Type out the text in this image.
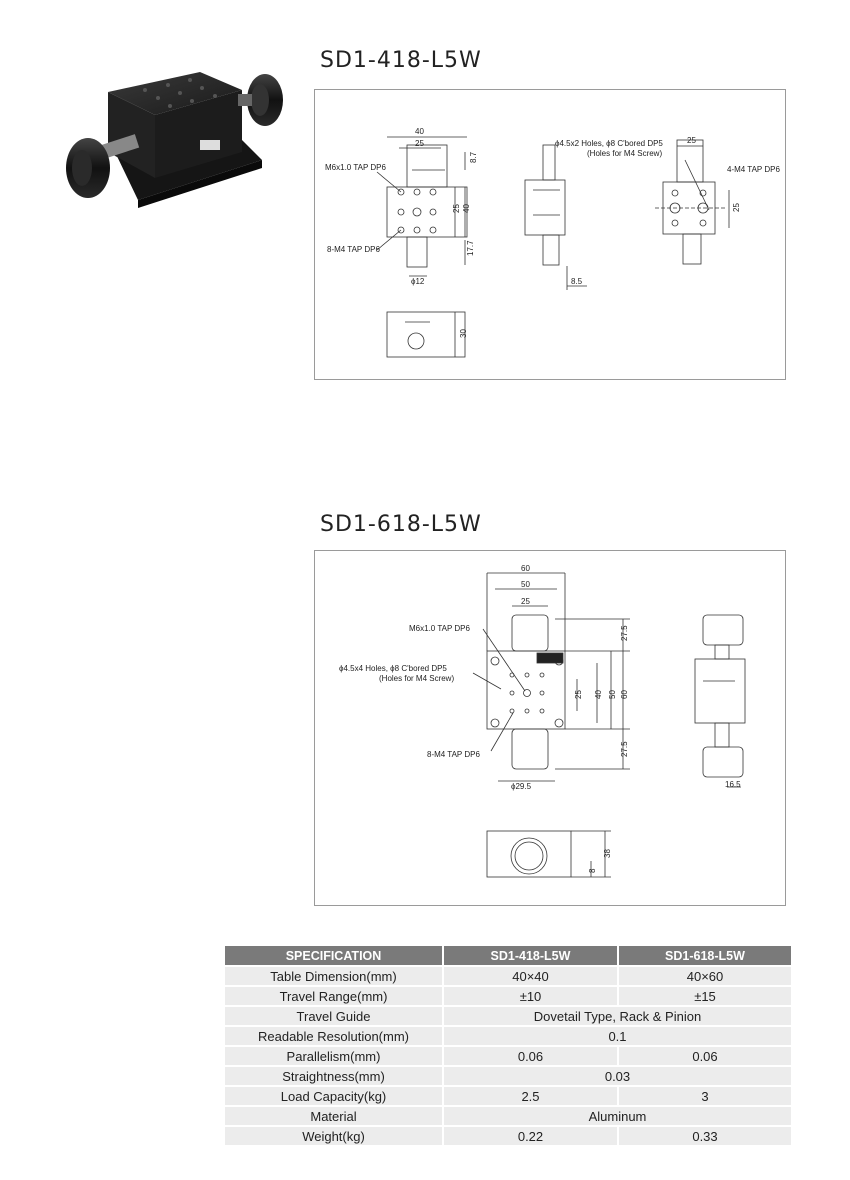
SD1-418-L5W
SD1-618-L5W
40
25
8.7
25 40
17.7
ϕ12
M6x1.0 TAP DP6
8-M4 TAP DP6
ϕ4.5x2 Holes, ϕ8 C'bored DP5
(Holes for M4 Screw)
8.5
25
4-M4 TAP DP6
25
30
60
50
25
27.5
25 40 50 60
27.5
ϕ29.5	16.5
38
8
M6x1.0 TAP DP6
ϕ4.5x4 Holes, ϕ8 C'bored DP5
(Holes for M4 Screw)
8-M4 TAP DP6
SPECIFICATION	SD1-418-L5W	SD1-618-L5W
Table Dimension(mm)	40×40	40×60
Travel Range(mm)	±10	±15
Travel Guide	Dovetail Type, Rack & Pinion	
Readable Resolution(mm)	0.1	
Parallelism(mm)	0.06	0.06
Straightness(mm)	0.03	
Load Capacity(kg)	2.5	3
Material	Aluminum	
Weight(kg)	0.22	0.33
